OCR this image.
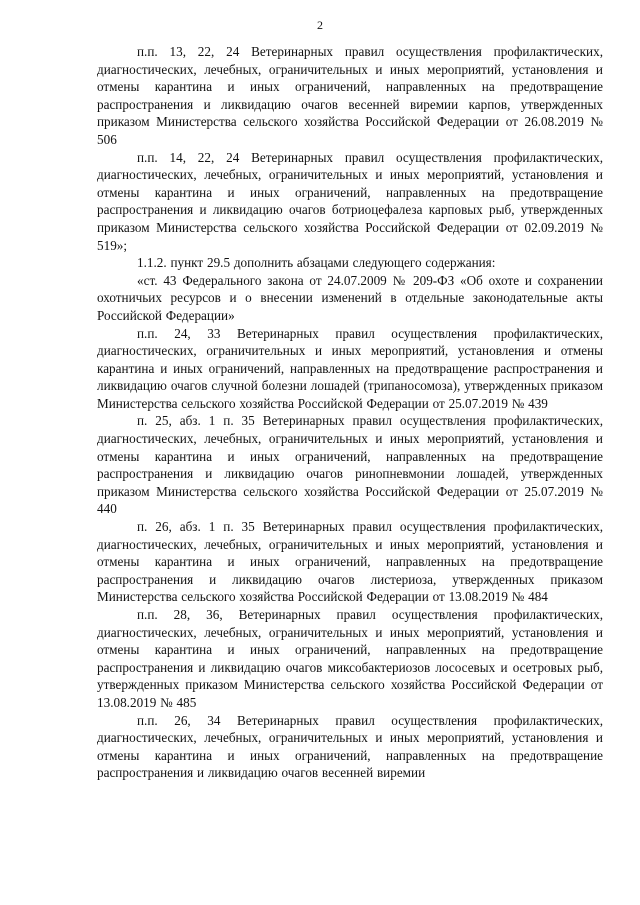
2

п.п. 13, 22, 24 Ветеринарных правил осуществления профилактических, диагностических, лечебных, ограничительных и иных мероприятий, установления и отмены карантина и иных ограничений, направленных на предотвращение распространения и ликвидацию очагов весенней виремии карпов, утвержденных приказом Министерства сельского хозяйства Российской Федерации от 26.08.2019 № 506

п.п. 14, 22, 24 Ветеринарных правил осуществления профилактических, диагностических, лечебных, ограничительных и иных мероприятий, установления и отмены карантина и иных ограничений, направленных на предотвращение распространения и ликвидацию очагов ботриоцефалеза карповых рыб, утвержденных приказом Министерства сельского хозяйства Российской Федерации от 02.09.2019 № 519»;

1.1.2. пункт 29.5 дополнить абзацами следующего содержания:

«ст. 43 Федерального закона от 24.07.2009 № 209-ФЗ «Об охоте и сохранении охотничьих ресурсов и о внесении изменений в отдельные законодательные акты Российской Федерации»

п.п. 24, 33 Ветеринарных правил осуществления профилактических, диагностических, ограничительных и иных мероприятий, установления и отмены карантина и иных ограничений, направленных на предотвращение распространения и ликвидацию очагов случной болезни лошадей (трипаносомоза), утвержденных приказом Министерства сельского хозяйства Российской Федерации от 25.07.2019 № 439

п. 25, абз. 1 п. 35 Ветеринарных правил осуществления профилактических, диагностических, лечебных, ограничительных и иных мероприятий, установления и отмены карантина и иных ограничений, направленных на предотвращение распространения и ликвидацию очагов ринопневмонии лошадей, утвержденных приказом Министерства сельского хозяйства Российской Федерации от 25.07.2019 № 440

п. 26, абз. 1 п. 35 Ветеринарных правил осуществления профилактических, диагностических, лечебных, ограничительных и иных мероприятий, установления и отмены карантина и иных ограничений, направленных на предотвращение распространения и ликвидацию очагов листериоза, утвержденных приказом Министерства сельского хозяйства Российской Федерации от 13.08.2019 № 484

п.п. 28, 36, Ветеринарных правил осуществления профилактических, диагностических, лечебных, ограничительных и иных мероприятий, установления и отмены карантина и иных ограничений, направленных на предотвращение распространения и ликвидацию очагов миксобактериозов лососевых и осетровых рыб, утвержденных приказом Министерства сельского хозяйства Российской Федерации от 13.08.2019 № 485

п.п. 26, 34 Ветеринарных правил осуществления профилактических, диагностических, лечебных, ограничительных и иных мероприятий, установления и отмены карантина и иных ограничений, направленных на предотвращение распространения и ликвидацию очагов весенней виремии
